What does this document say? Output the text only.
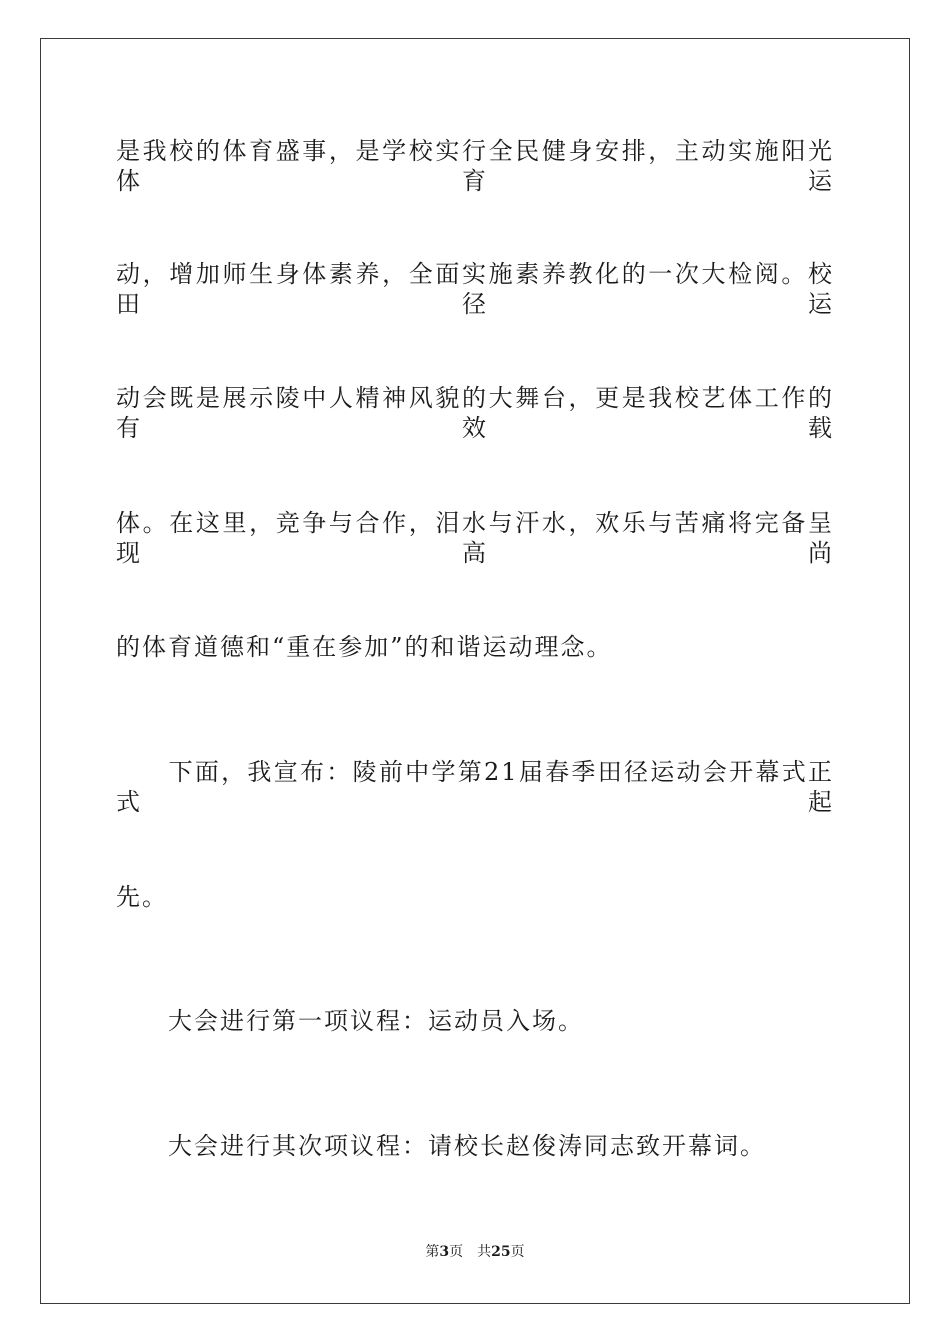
是我校的体育盛事，是学校实行全民健身安排，主动实施阳光体育运
动，增加师生身体素养，全面实施素养教化的一次大检阅。校田径运
动会既是展示陵中人精神风貌的大舞台，更是我校艺体工作的有效载
体。在这里，竞争与合作，泪水与汗水，欢乐与苦痛将完备呈现高尚
的体育道德和“重在参加”的和谐运动理念。
　　下面，我宣布：陵前中学第21届春季田径运动会开幕式正式起
先。
　　大会进行第一项议程：运动员入场。
　　大会进行其次项议程：请校长赵俊涛同志致开幕词。
第3页 共25页
